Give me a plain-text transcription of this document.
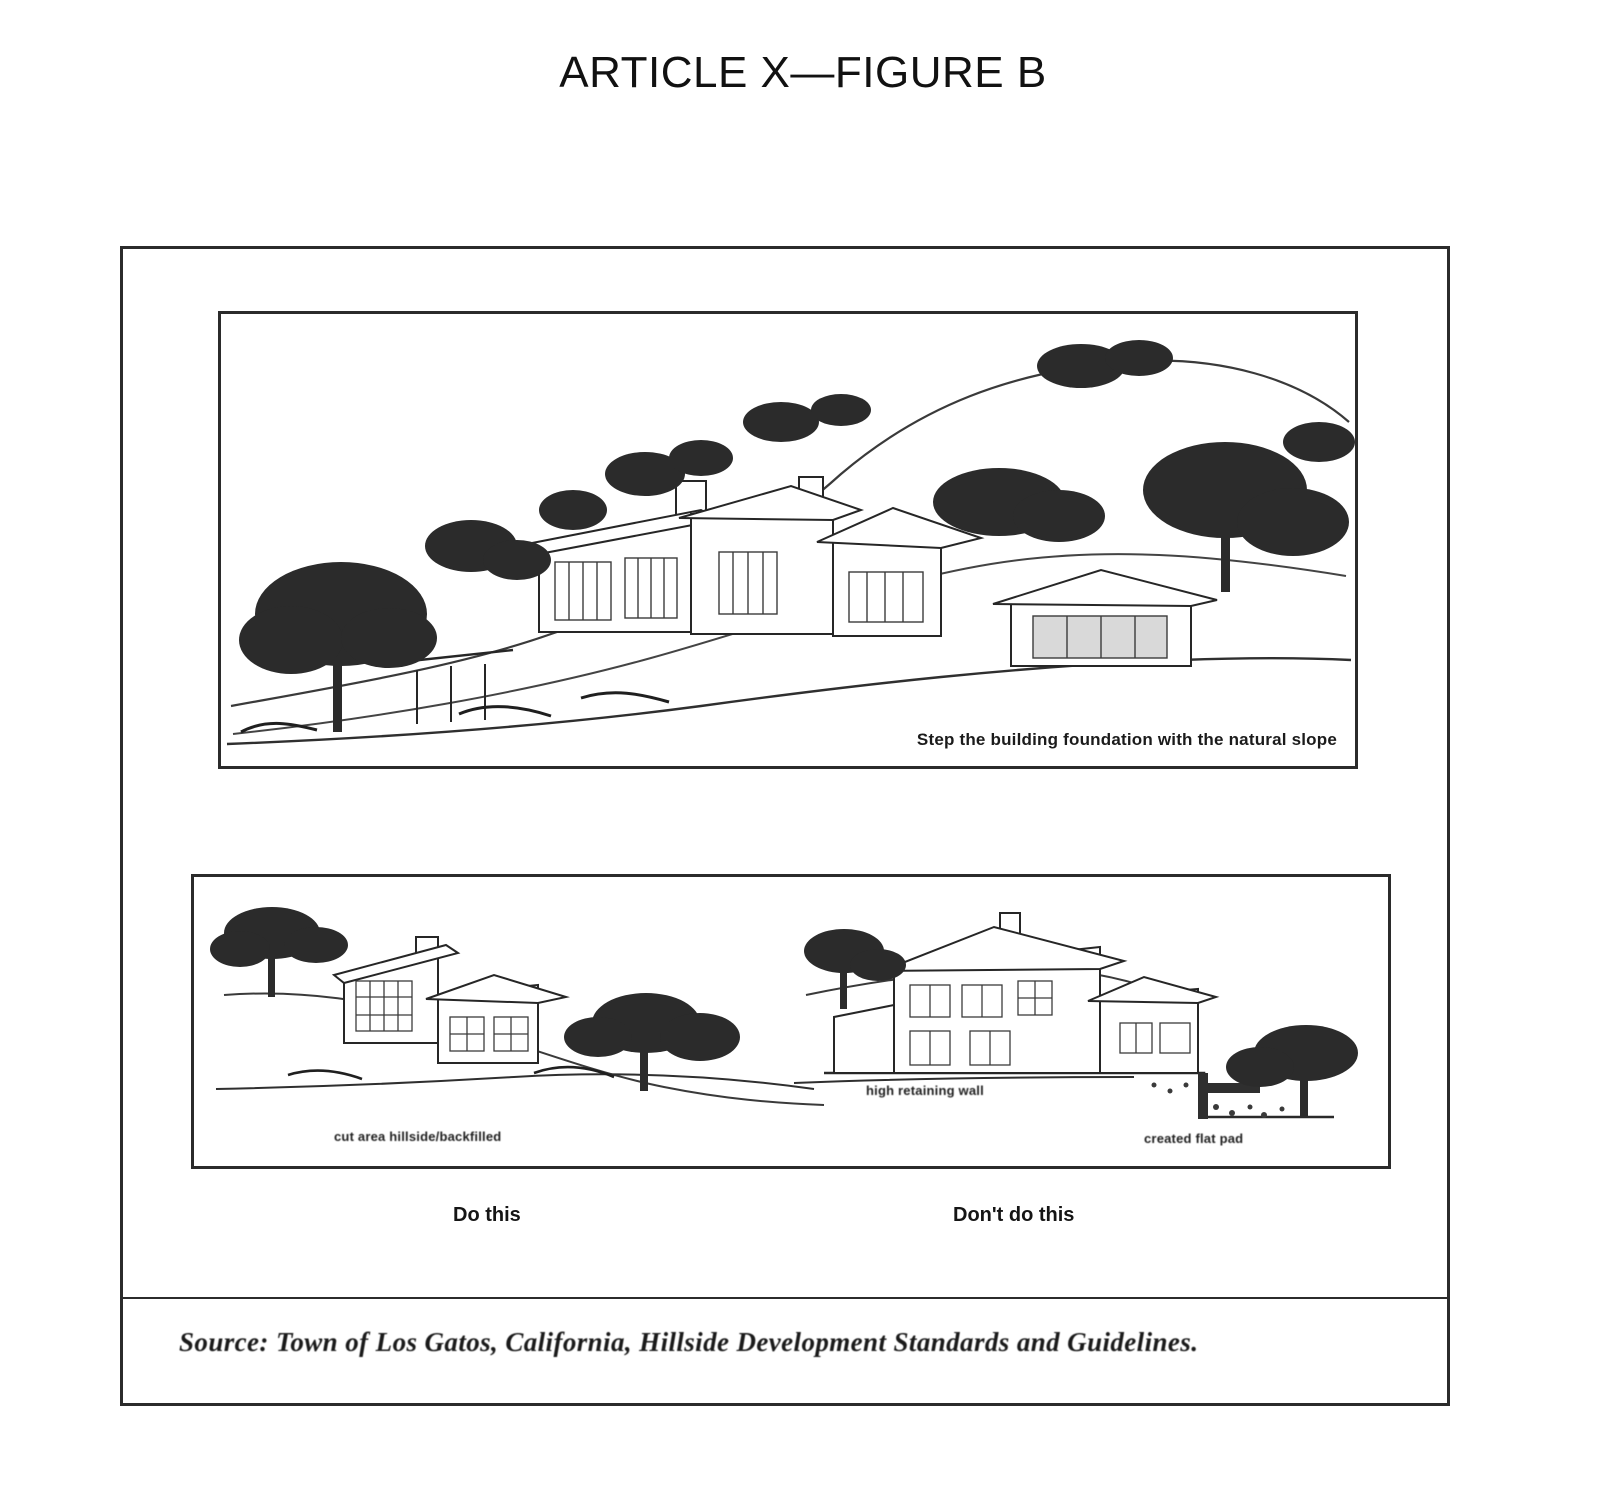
ARTICLE X—FIGURE B
Step the building foundation with the natural slope
cut area hillside/backfilled
high retaining wall
created flat pad
Do this	Don't do this
Source: Town of Los Gatos, California, Hillside Development Standards and Guidelines.
